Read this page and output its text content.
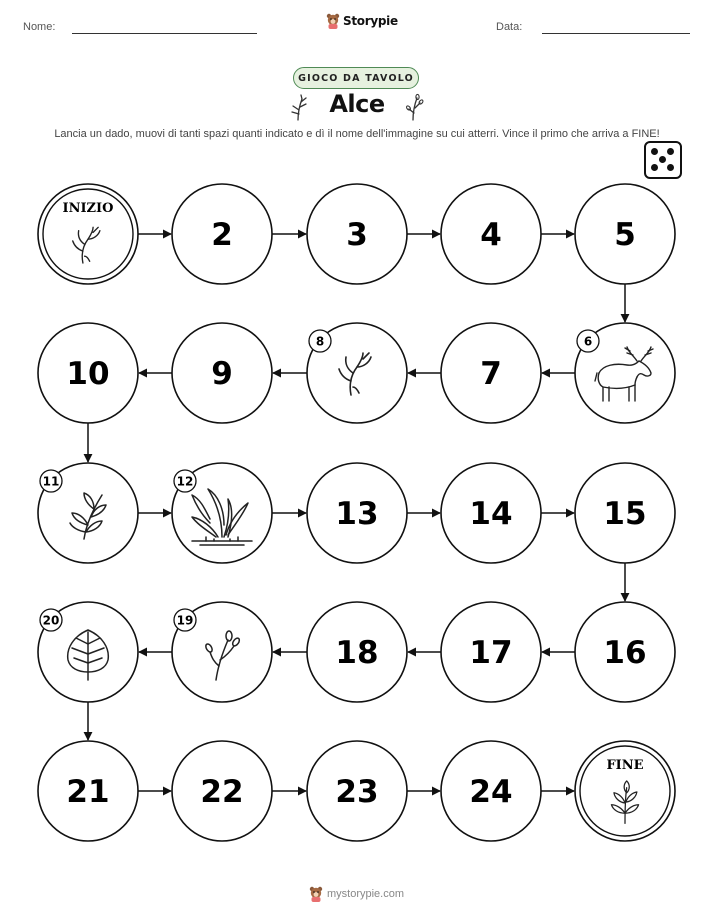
Nome:	Storypie	Data:
GIOCO DA TAVOLO
Alce
Lancia un dado, muovi di tanti spazi quanti indicato e dì il nome dell'immagine su cui atterri. Vince il primo che arriva a FINE!
INIZIO
2	3	4	5
6
7
8
9
10
11	12
13	14	15
16
17
18
19
20
21	22	23	24
FINE
mystorypie.com
